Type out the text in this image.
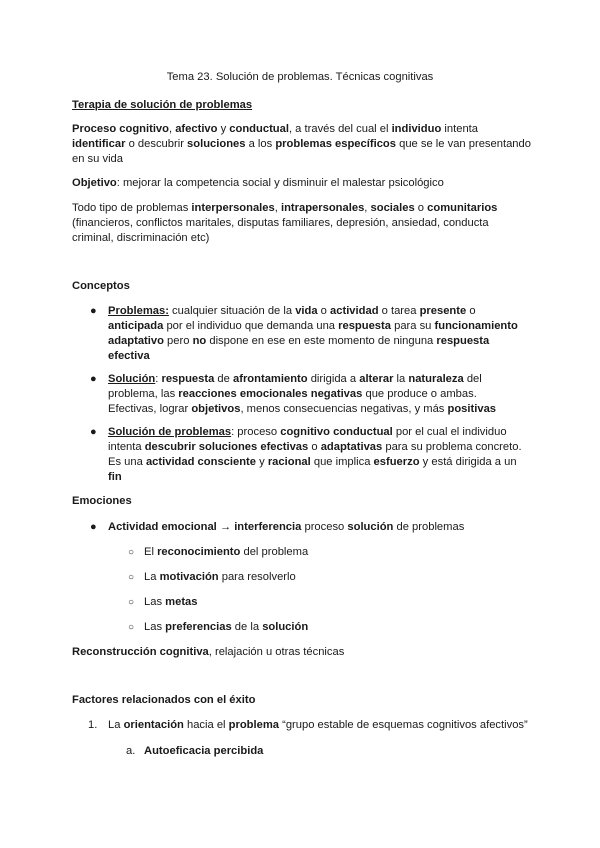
Tema 23. Solución de problemas. Técnicas cognitivas
Terapia de solución de problemas
Proceso cognitivo, afectivo y conductual, a través del cual el individuo intenta identificar o descubrir soluciones a los problemas específicos que se le van presentando en su vida
Objetivo: mejorar la competencia social y disminuir el malestar psicológico
Todo tipo de problemas interpersonales, intrapersonales, sociales o comunitarios (financieros, conflictos maritales, disputas familiares, depresión, ansiedad, conducta criminal, discriminación etc)
Conceptos
● Problemas: cualquier situación de la vida o actividad o tarea presente o anticipada por el individuo que demanda una respuesta para su funcionamiento adaptativo pero no dispone en ese en este momento de ninguna respuesta efectiva
● Solución: respuesta de afrontamiento dirigida a alterar la naturaleza del problema, las reacciones emocionales negativas que produce o ambas. Efectivas, lograr objetivos, menos consecuencias negativas, y más positivas
● Solución de problemas: proceso cognitivo conductual por el cual el individuo intenta descubrir soluciones efectivas o adaptativas para su problema concreto. Es una actividad consciente y racional que implica esfuerzo y está dirigida a un fin
Emociones
● Actividad emocional → interferencia proceso solución de problemas
○ El reconocimiento del problema
○ La motivación para resolverlo
○ Las metas
○ Las preferencias de la solución
Reconstrucción cognitiva, relajación u otras técnicas
Factores relacionados con el éxito
1. La orientación hacia el problema “grupo estable de esquemas cognitivos afectivos”
a. Autoeficacia percibida
